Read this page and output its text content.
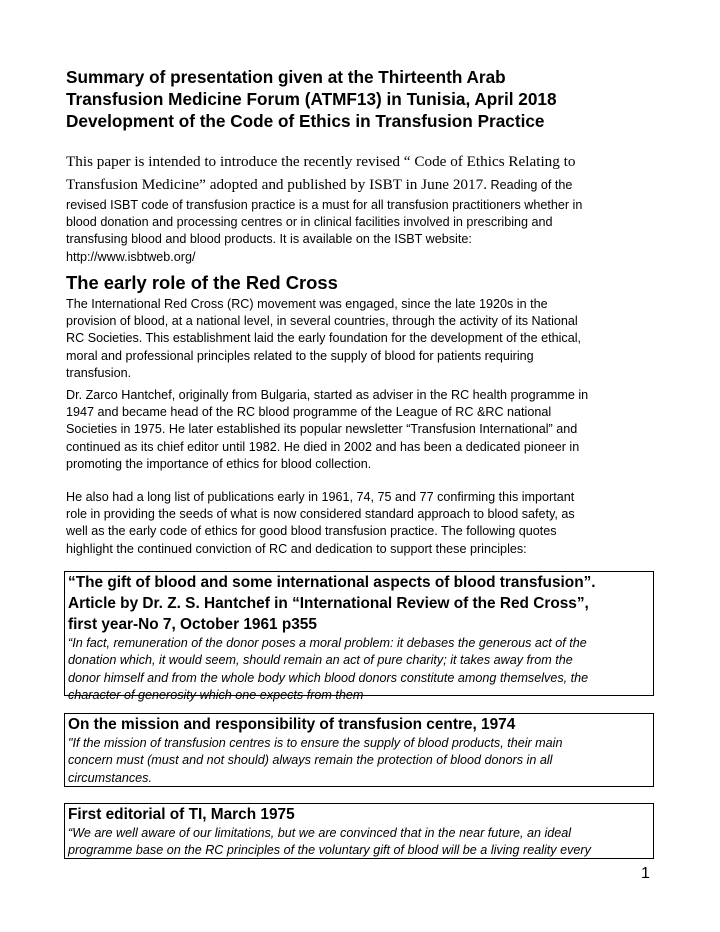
Summary of presentation given at the Thirteenth Arab
Transfusion Medicine Forum (ATMF13) in Tunisia, April 2018
Development of the Code of Ethics in Transfusion Practice
This paper is intended to introduce the recently revised “ Code of Ethics Relating to
Transfusion Medicine” adopted and published by ISBT in June 2017. Reading of the
revised ISBT code of transfusion practice is a must for all transfusion practitioners whether in
blood donation and processing centres or in clinical facilities involved in prescribing and
transfusing blood and blood products. It is available on the ISBT website:
http://www.isbtweb.org/
The early role of the Red Cross

The International Red Cross (RC) movement was engaged, since the late 1920s in the
provision of blood, at a national level, in several countries, through the activity of its National
RC Societies. This establishment laid the early foundation for the development of the ethical,
moral and professional principles related to the supply of blood for patients requiring
transfusion.

Dr. Zarco Hantchef, originally from Bulgaria, started as adviser in the RC health programme in
1947 and became head of the RC blood programme of the League of RC &RC national
Societies in 1975. He later established its popular newsletter “Transfusion International” and
continued as its chief editor until 1982. He died in 2002 and has been a dedicated pioneer in
promoting the importance of ethics for blood collection.

He also had a long list of publications early in 1961, 74, 75 and 77 confirming this important
role in providing the seeds of what is now considered standard approach to blood safety, as
well as the early code of ethics for good blood transfusion practice. The following quotes
highlight the continued conviction of RC and dedication to support these principles:

“The gift of blood and some international aspects of blood transfusion”.
Article by Dr. Z. S. Hantchef in “International Review of the Red Cross”,
first year-No 7, October 1961 p355
“In fact, remuneration of the donor poses a moral problem: it debases the generous act of the
donation which, it would seem, should remain an act of pure charity; it takes away from the
donor himself and from the whole body which blood donors constitute among themselves, the
character of generosity which one expects from them
On the mission and responsibility of transfusion centre, 1974
"If the mission of transfusion centres is to ensure the supply of blood products, their main
concern must (must and not should) always remain the protection of blood donors in all
circumstances.
First editorial of TI, March 1975
“We are well aware of our limitations, but we are convinced that in the near future, an ideal
programme base on the RC principles of the voluntary gift of blood will be a living reality every
1
